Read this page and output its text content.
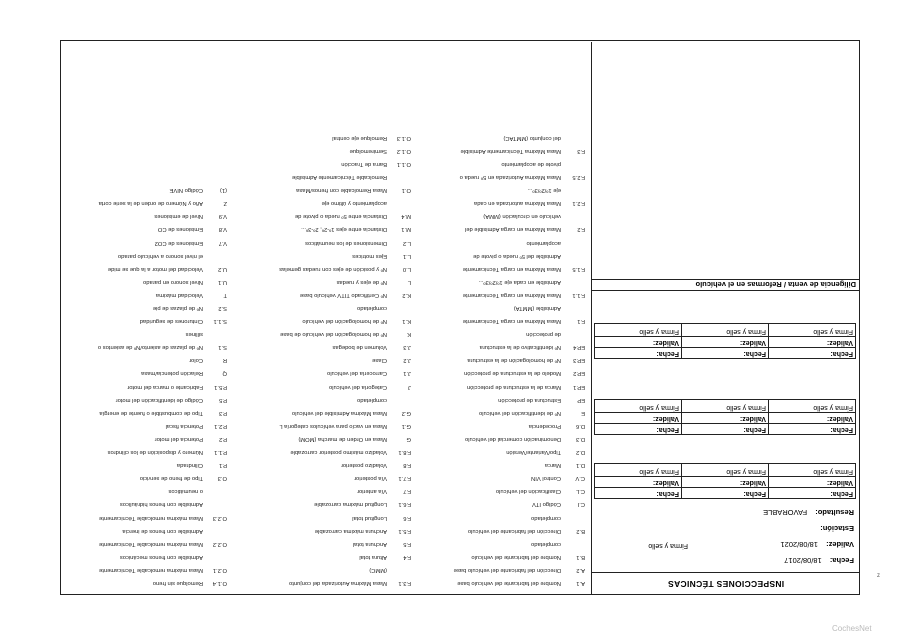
INSPECCIONES TÉCNICAS
Fecha: 18/08/2017
Validez: 18/08/2021
Estación:
Resultado: FAVORABLE
Firma y sello
Fecha:
Fecha:
Fecha:
Validez:
Validez:
Validez:
Firma y sello
Firma y sello
Firma y sello
Fecha:
Fecha:
Fecha:
Validez:
Validez:
Validez:
Firma y sello
Firma y sello
Firma y sello
Fecha:
Fecha:
Fecha:
Validez:
Validez:
Validez:
Firma y sello
Firma y sello
Firma y sello
Diligencia de venta / Reformas en el vehículo
A.1Nombre del fabricante del vehículo base
A.2Dirección del fabricante del vehículo base
B.1Nombre del fabricante del vehículo
completado
B.2Dirección del fabricante del vehículo
completado
C.ICódigo ITV
C.LClasificación del vehículo
C.VControl VIN
D.1Marca
D.2Tipo/Variante/Versión
D.3Denominación comercial del vehículo
D.6Procedencia
ENº de identificación del vehículo
EPEstructura de protección
EP.1Marca de la estructura de protección
EP.2Modelo de la estructura de protección
EP.3Nº de homologación de la estructura
EP.4Nº identificativo de la estructura
de protección
F.1Masa Máxima en carga Técnicamente
Admisible (MMTA)
F.1.1Masa Máxima en carga Técnicamente
Admisible en cada eje 1º/2º/3º...
F.1.5Masa Máxima en carga Técnicamente
Admisible del 5º rueda o pivote de
acoplamiento
F.2Masa Máxima en carga Admisible del
vehículo en circulación (MMA)
F.2.1Masa Máxima autorizada en cada
eje 1º/2º/3º...
F.2.5Masa Máxima Autorizada en 5º rueda o
pivote de acoplamiento
F.3Masa Máxima Técnicamente Admisible
del conjunto (MMTAC)
F.3.1Masa Máxima Autorizada del conjunto
(MMC)
F.4Altura total
F.5Anchura total
F.5.1Anchura máxima carrozable
F.6Longitud total
F.6.1Longitud máxima carrozable
F.7Vía anterior
F.7.1Vía posterior
F.8Voladizo posterior
F.8.1Voladizo máximo posterior carrozable
GMasa en Orden de marcha (MOM)
G.1Masa en vacío para vehículos categoría L
G.2Masa Máxima Admisible del vehículo
completado
JCategoría del vehículo
J.1Carrocería del vehículo
J.2Clase
J.3Volumen de bodegas
KNº de homologación del vehículo de base
K.1Nº de homologación del vehículo
completado
K.2Nº Certificado TITV vehículo base
LNº de ejes y ruedas
L.0Nº y posición de ejes con ruedas gemelas
L.1Ejes motrices
L.2Dimensiones de los neumáticos
M.1Distancia entre ejes 1º-2º, 2º-3º...
M.4Distancia entre 5º rueda o pivote de
acoplamiento y último eje
O.1Masa Remolcable con frenos/Masa
Remolcable Técnicamente Admisible
O.1.1Barra de Tracción
O.1.2Semiremolque
O.1.3Remolque eje central
O.1.4Remolque sin freno
O.2.1Masa máxima remolcable Técnicamente
Admisible con frenos mecánicos
O.2.2Masa máxima remolcable Técnicamente
Admisible con frenos de inercia
O.2.3Masa máxima remolcable Técnicamente
Admisible con frenos hidráulicos
o neumáticos
O.3Tipo de freno de servicio
P.1Cilindrada
P.1.1Número y disposición de los cilindros
P.2Potencia del motor
P.2.1Potencia fiscal
P.3Tipo de combustible o fuente de energía
P.5Código de identificación del motor
P.5.1Fabricante o marca del motor
QRelación potencia/masa
RColor
S.1Nº de plazas de asiento/Nº de asientos o
sillines
S.1.1Cinturones de seguridad
S.2Nº de plazas de pie
TVelocidad máxima
U.1Nivel sonoro en parado
U.2Velocidad del motor a la que se mide
el nivel sonoro a vehículo parado
V.7Emisiones de CO2
V.8Emisiones de CO
V.9Nivel de emisiones
ZAño y Número de orden de la serie corta
(1)Código NIVE
z
CochesNet
